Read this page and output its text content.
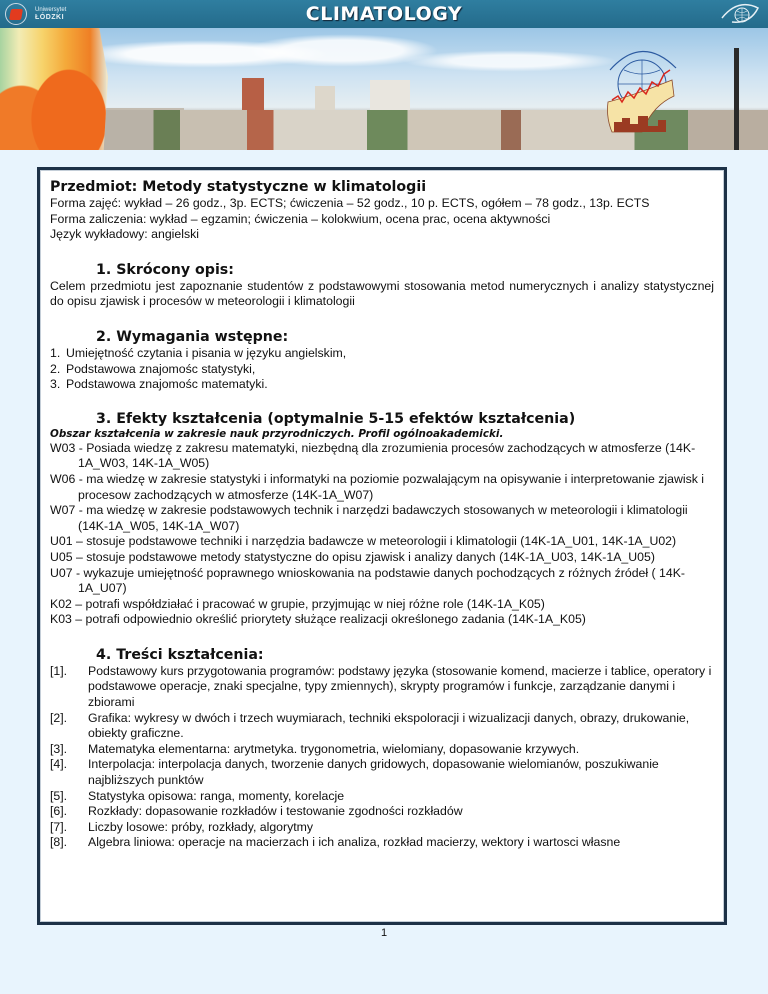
Uniwersytet
ŁÓDZKI	CLIMATOLOGY
Przedmiot: Metody statystyczne w klimatologii
Forma zajęć: wykład – 26 godz., 3p. ECTS; ćwiczenia – 52 godz., 10 p. ECTS, ogółem – 78 godz., 13p. ECTS
Forma zaliczenia: wykład – egzamin; ćwiczenia – kolokwium, ocena prac, ocena aktywności
Język wykładowy: angielski
1. Skrócony opis:
Celem przedmiotu jest zapoznanie studentów z podstawowymi stosowania metod numerycznych i analizy statystycznej do opisu zjawisk i procesów w meteorologii i klimatologii
2. Wymagania wstępne:
1. Umiejętność czytania i pisania w języku angielskim,
2. Podstawowa znajomośc statystyki,
3. Podstawowa znajomośc matematyki.
3. Efekty kształcenia (optymalnie 5-15 efektów kształcenia)
Obszar kształcenia w zakresie nauk przyrodniczych. Profil ogólnoakademicki.
W03 - Posiada wiedzę z zakresu matematyki, niezbędną dla zrozumienia procesów zachodzących w atmosferze (14K-1A_W03, 14K-1A_W05)
W06 - ma wiedzę w zakresie statystyki i informatyki na poziomie pozwalającym na opisywanie i interpretowanie zjawisk i procesow zachodzących w atmosferze (14K-1A_W07)
W07 - ma wiedzę w zakresie podstawowych technik i narzędzi badawczych stosowanych w meteorologii i klimatologii (14K-1A_W05, 14K-1A_W07)
U01 – stosuje podstawowe techniki i narzędzia badawcze w meteorologii i klimatologii (14K-1A_U01, 14K-1A_U02)
U05 – stosuje podstawowe metody statystyczne do opisu zjawisk i analizy danych (14K-1A_U03, 14K-1A_U05)
U07 - wykazuje umiejętność poprawnego wnioskowania na podstawie danych pochodzących z różnych źródeł ( 14K-1A_U07)
K02 – potrafi współdziałać i pracować w grupie, przyjmując w niej różne role (14K-1A_K05)
K03 – potrafi odpowiednio określić priorytety służące realizacji określonego zadania (14K-1A_K05)
4. Treści kształcenia:
[1].	Podstawowy kurs przygotowania programów: podstawy języka (stosowanie komend, macierze i tablice, operatory i podstawowe operacje, znaki specjalne, typy zmiennych), skrypty programów i funkcje, zarządzanie danymi i zbiorami
[2].	Grafika: wykresy w dwóch i trzech wuymiarach, techniki ekspoloracji i wizualizacji danych, obrazy, drukowanie, obiekty graficzne.
[3].	Matematyka elementarna: arytmetyka. trygonometria, wielomiany, dopasowanie krzywych.
[4].	Interpolacja: interpolacja danych, tworzenie danych gridowych, dopasowanie wielomianów, poszukiwanie najbliższych punktów
[5].	Statystyka opisowa: ranga, momenty, korelacje
[6].	Rozkłady: dopasowanie rozkładów i testowanie zgodności rozkładów
[7].	Liczby losowe: próby, rozkłady, algorytmy
[8].	Algebra liniowa: operacje na macierzach i ich analiza, rozkład macierzy, wektory i wartosci własne
1
